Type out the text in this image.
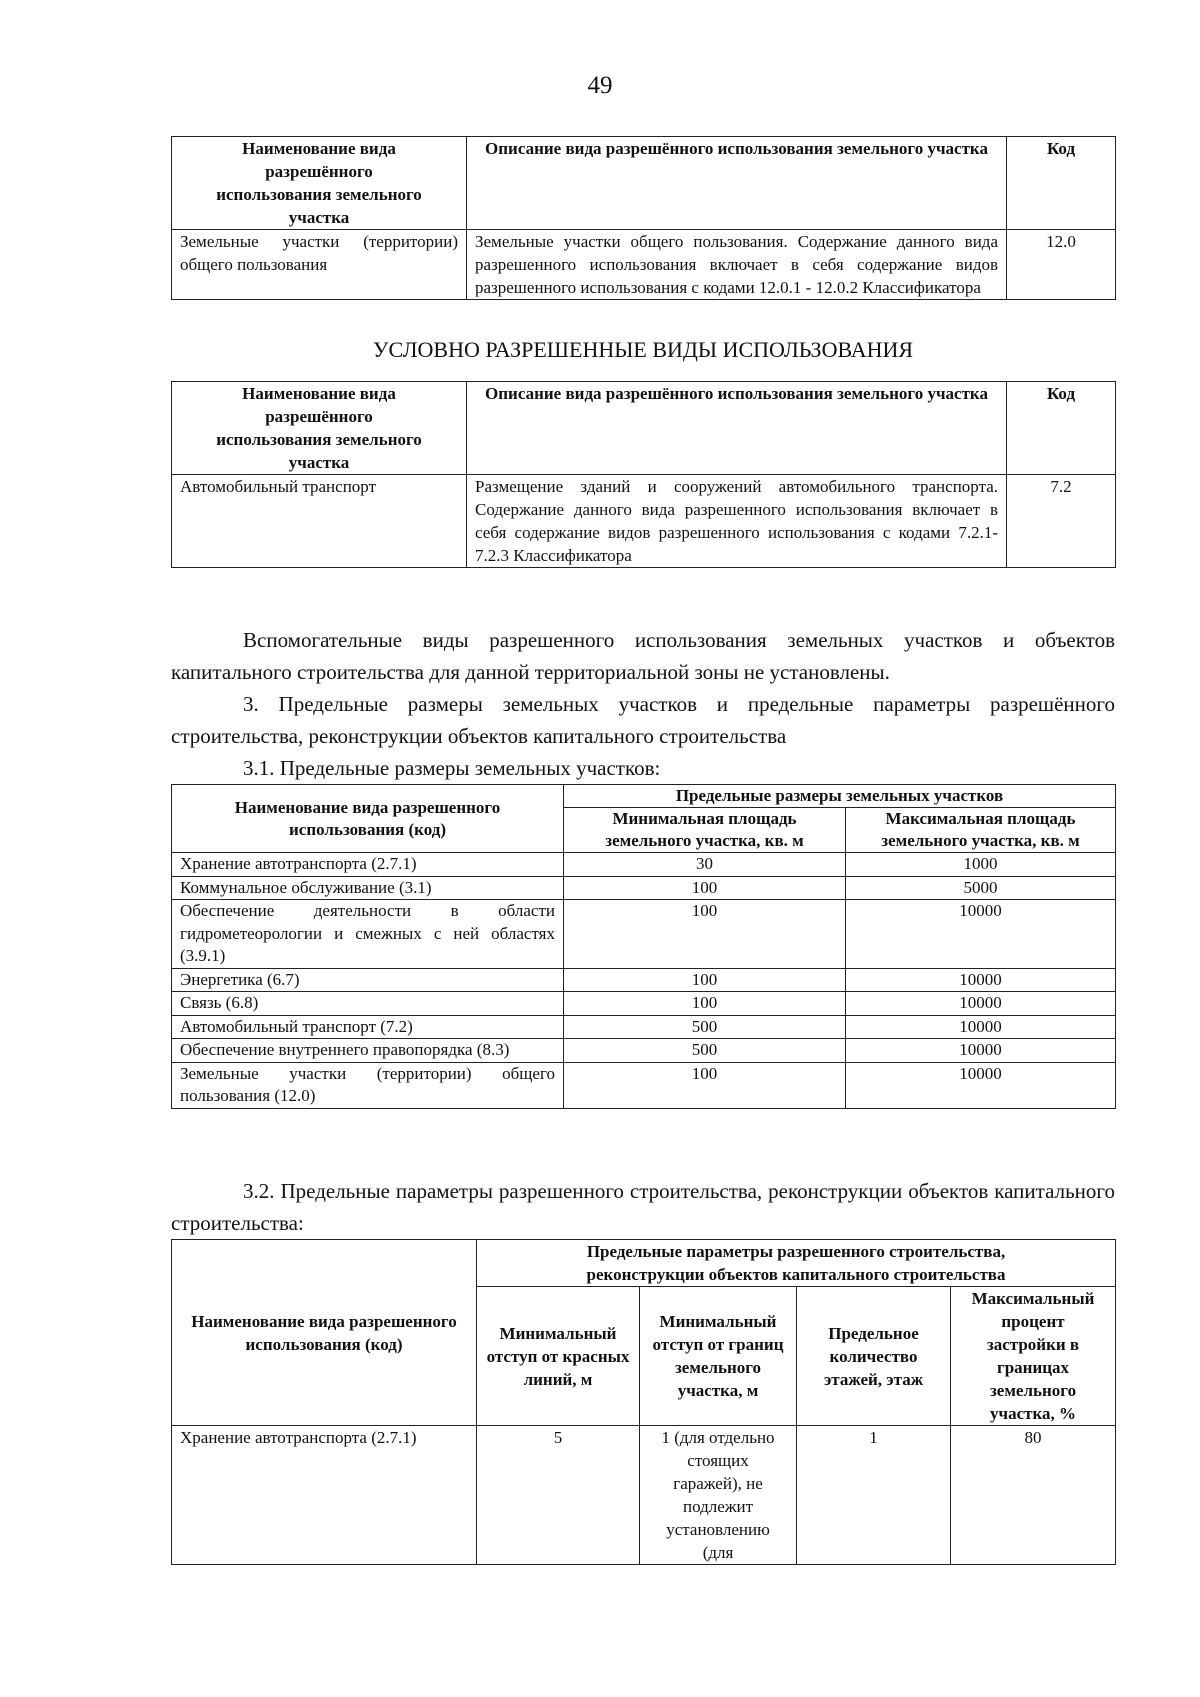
49
Наименование вида разрешённого использования земельного участка	Описание вида разрешённого использования земельного участка	Код
Земельные участки (территории) общего пользования	Земельные участки общего пользования. Содержание данного вида разрешенного использования включает в себя содержание видов разрешенного использования с кодами 12.0.1 - 12.0.2 Классификатора	12.0
УСЛОВНО РАЗРЕШЕННЫЕ ВИДЫ ИСПОЛЬЗОВАНИЯ
Наименование вида разрешённого использования земельного участка	Описание вида разрешённого использования земельного участка	Код
Автомобильный транспорт	Размещение зданий и сооружений автомобильного транспорта. Содержание данного вида разрешенного использования включает в себя содержание видов разрешенного использования с кодами 7.2.1-7.2.3 Классификатора	7.2
Вспомогательные виды разрешенного использования земельных участков и объектов капитального строительства для данной территориальной зоны не установлены.
3. Предельные размеры земельных участков и предельные параметры разрешённого строительства, реконструкции объектов капитального строительства
3.1. Предельные размеры земельных участков:
Наименование вида разрешенного использования (код)	Предельные размеры земельных участков	
	Минимальная площадь земельного участка, кв. м	Максимальная площадь земельного участка, кв. м
Хранение автотранспорта (2.7.1)	30	1000
Коммунальное обслуживание (3.1)	100	5000
Обеспечение деятельности в области гидрометеорологии и смежных с ней областях (3.9.1)	100	10000
Энергетика (6.7)	100	10000
Связь (6.8)	100	10000
Автомобильный транспорт (7.2)	500	10000
Обеспечение внутреннего правопорядка (8.3)	500	10000
Земельные участки (территории) общего пользования (12.0)	100	10000
3.2. Предельные параметры разрешенного строительства, реконструкции объектов капитального строительства:
Наименование вида разрешенного использования (код)	Предельные параметры разрешенного строительства, реконструкции объектов капитального строительства			
	Минимальный отступ от красных линий, м	Минимальный отступ от границ земельного участка, м	Предельное количество этажей, этаж	Максимальный процент застройки в границах земельного участка, %
Хранение автотранспорта (2.7.1)	5	1 (для отдельно стоящих гаражей), не подлежит установлению (для	1	80
